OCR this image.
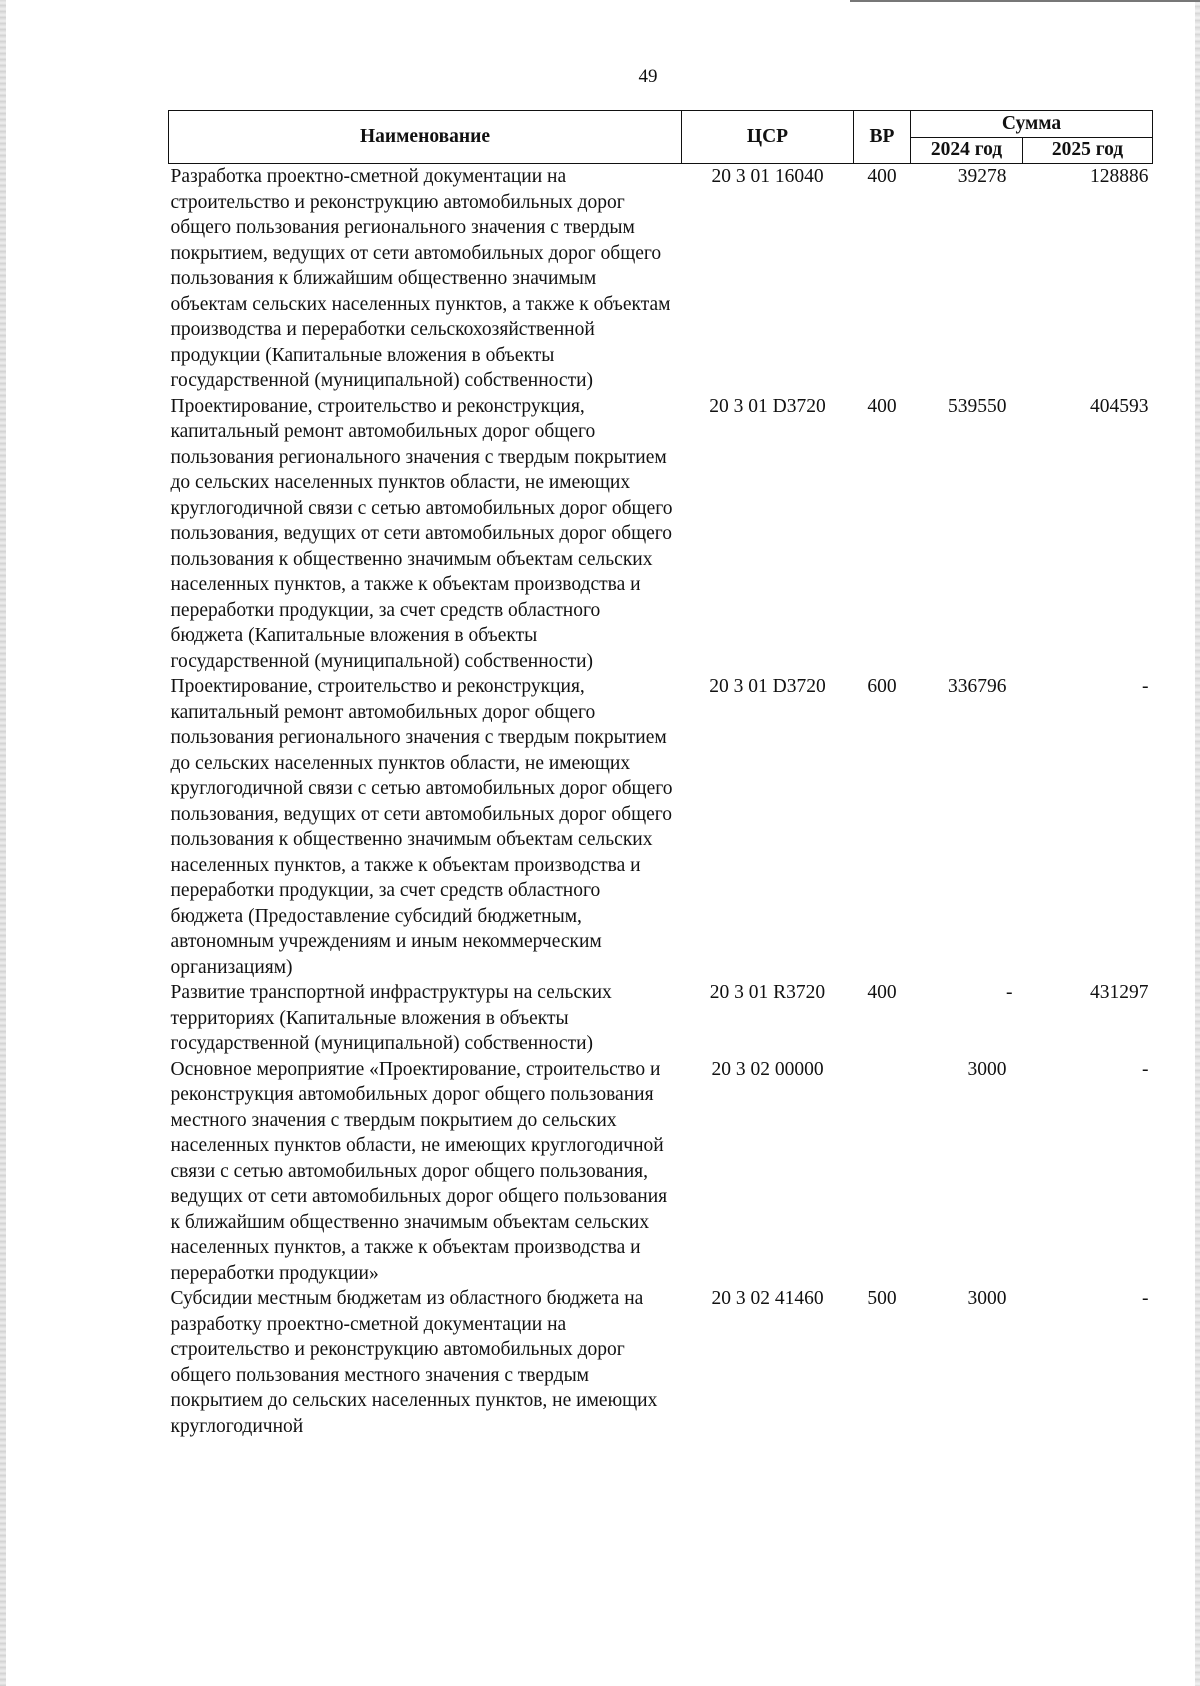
49
Наименование	ЦСР	ВР	Сумма	
			2024 год	2025 год
Разработка проектно-сметной документации на строительство и реконструкцию автомобильных дорог общего пользования регионального значения с твердым покрытием, ведущих от сети автомобильных дорог общего пользования к ближайшим общественно значимым объектам сельских населенных пунктов, а также к объектам производства и переработки сельскохозяйственной продукции (Капитальные вложения в объекты государственной (муниципальной) собственности)	20 3 01 16040	400	39278	128886
Проектирование, строительство и реконструкция, капитальный ремонт автомобильных дорог общего пользования регионального значения с твердым покрытием до сельских населенных пунктов области, не имеющих круглогодичной связи с сетью автомобильных дорог общего пользования, ведущих от сети автомобильных дорог общего пользования к общественно значимым объектам сельских населенных пунктов, а также к объектам производства и переработки продукции, за счет средств областного бюджета (Капитальные вложения в объекты государственной (муниципальной) собственности)	20 3 01 D3720	400	539550	404593
Проектирование, строительство и реконструкция, капитальный ремонт автомобильных дорог общего пользования регионального значения с твердым покрытием до сельских населенных пунктов области, не имеющих круглогодичной связи с сетью автомобильных дорог общего пользования, ведущих от сети автомобильных дорог общего пользования к общественно значимым объектам сельских населенных пунктов, а также к объектам производства и переработки продукции, за счет средств областного бюджета (Предоставление субсидий бюджетным, автономным учреждениям и иным некоммерческим организациям)	20 3 01 D3720	600	336796	-
Развитие транспортной инфраструктуры на сельских территориях (Капитальные вложения в объекты государственной (муниципальной) собственности)	20 3 01 R3720	400	-	431297
Основное мероприятие «Проектирование, строительство и реконструкция автомобильных дорог общего пользования местного значения с твердым покрытием до сельских населенных пунктов области, не имеющих круглогодичной связи с сетью автомобильных дорог общего пользования, ведущих от сети автомобильных дорог общего пользования к ближайшим общественно значимым объектам сельских населенных пунктов, а также к объектам производства и переработки продукции»	20 3 02 00000		3000	-
Субсидии местным бюджетам из областного бюджета на разработку проектно-сметной документации на строительство и реконструкцию автомобильных дорог общего пользования местного значения с твердым покрытием до сельских населенных пунктов, не имеющих круглогодичной	20 3 02 41460	500	3000	-
